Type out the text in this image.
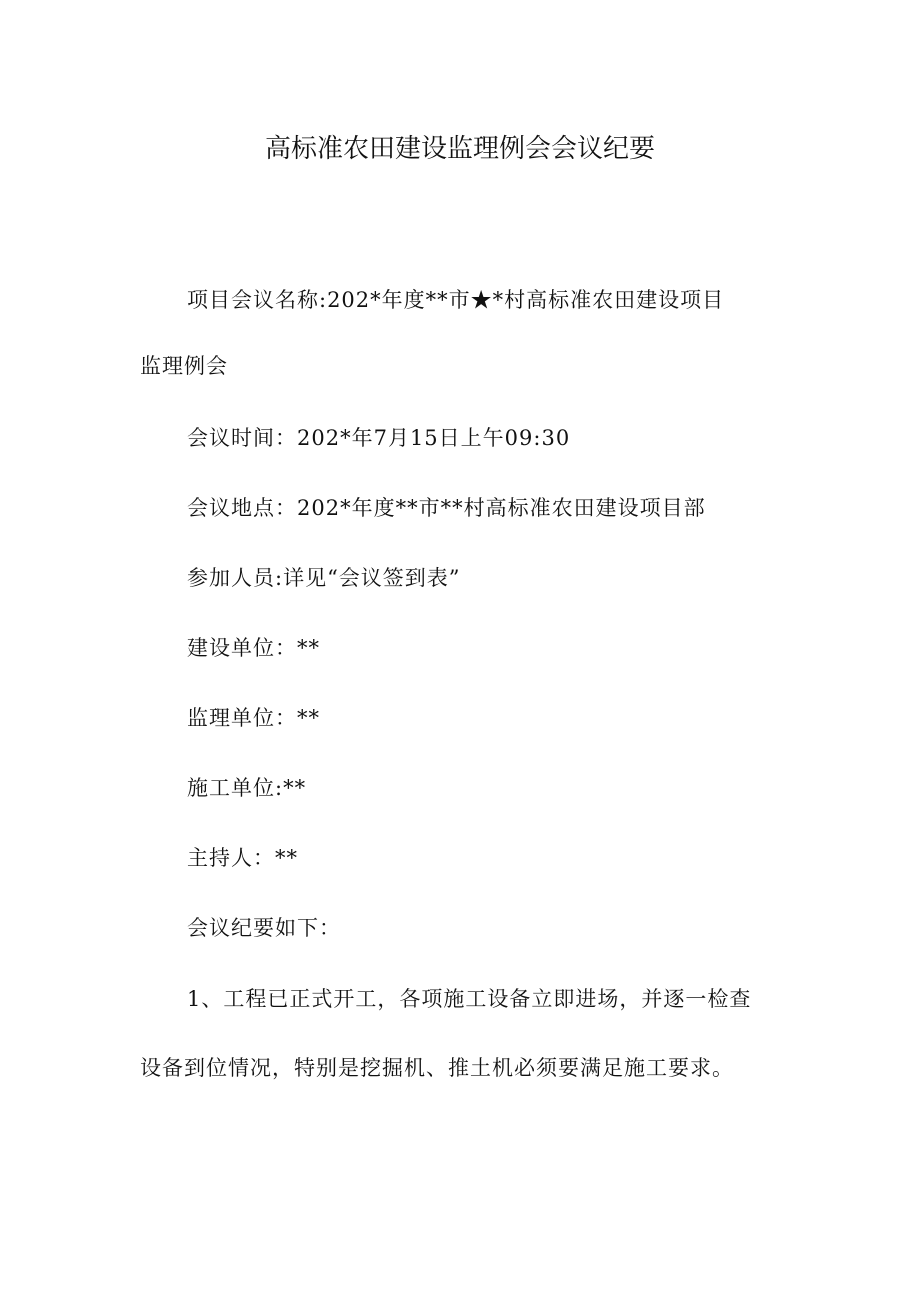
高标准农田建设监理例会会议纪要
项目会议名称:202*年度**市★*村高标准农田建设项目
监理例会
会议时间：202*年7月15日上午09:30
会议地点：202*年度**市**村高标准农田建设项目部
参加人员:详见“会议签到表”
建设单位：**
监理单位：**
施工单位:**
主持人：**
会议纪要如下：
1、工程已正式开工，各项施工设备立即进场，并逐一检查
设备到位情况，特别是挖掘机、推土机必须要满足施工要求。
